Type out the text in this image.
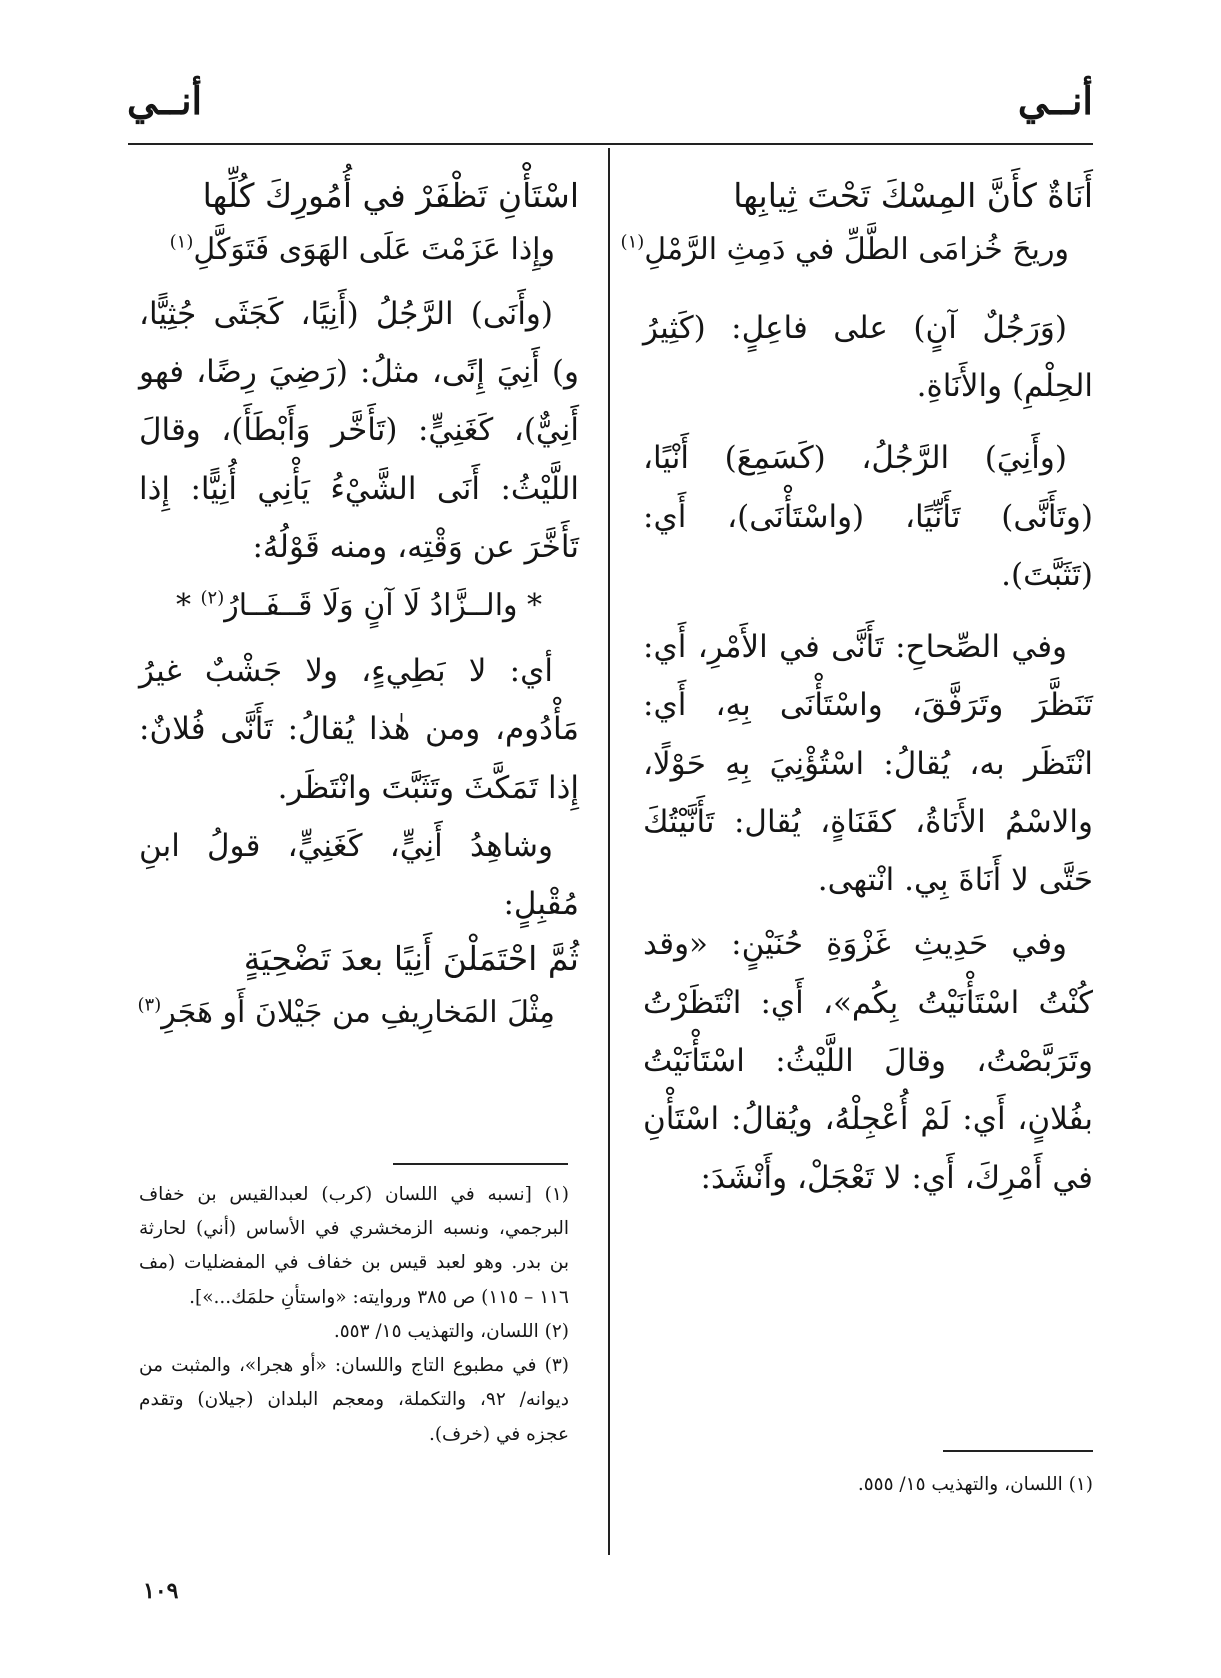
أنــي
أنــي
أَنَاةٌ كأَنَّ المِسْكَ تَحْتَ ثِيابِها
وريحَ خُزامَى الطَّلِّ في دَمِثِ الرَّمْلِ$^{(١)}$

(وَرَجُلٌ آنٍ) على فاعِلٍ: (كَثِيرُ الحِلْمِ) والأَنَاةِ.

(وأَنِيَ) الرَّجُلُ، (كَسَمِعَ) أَنْيًا، (وتَأَنَّى) تَأَنِّيًا، (واسْتَأْنَى)، أَي: (تَثَبَّتَ).

وفي الصِّحاحِ: تَأَنَّى في الأَمْرِ، أَي: تَنَظَّرَ وتَرَفَّقَ، واسْتَأْنَى بِهِ، أَي: انْتَظَر به، يُقالُ: اسْتُؤْنِيَ بِهِ حَوْلًا، والاسْمُ الأَنَاةُ، كقَنَاةٍ، يُقال: تَأَنَّيْتُكَ حَتَّى لا أَنَاةَ بِي. انْتهى.

وفي حَدِيثِ غَزْوَةِ حُنَيْنٍ: «وقد كُنْتُ اسْتَأْنَيْتُ بِكُم»، أَي: انْتَظَرْتُ وتَرَبَّصْتُ، وقالَ اللَّيْثُ: اسْتَأْنَيْتُ بفُلانٍ، أَي: لَمْ أُعْجِلْهُ، ويُقالُ: اسْتَأْنِ في أَمْرِكَ، أَي: لا تَعْجَلْ، وأَنْشَدَ:

اسْتَأْنِ تَظْفَرْ في أُمُورِكَ كُلِّها
وإِذا عَزَمْتَ عَلَى الهَوَى فَتَوَكَّلِ$^{(١)}$

(وأَنَى) الرَّجُلُ (أَنِيًا، كَجَثَى جُثِيًّا، و) أَنِيَ إِنًى، مثلُ: (رَضِيَ رِضًا، فهو أَنِيٌّ)، كَغَنِيٍّ: (تَأَخَّر وَأَبْطَأَ)، وقالَ اللَّيْثُ: أَنَى الشَّيْءُ يَأْنِي أُنِيًّا: إِذا تَأَخَّرَ عن وَقْتِه، ومنه قَوْلُهُ:

* والــزَّادُ لَا آنٍ وَلَا قَــفَــارُ$^{(٢)}$ *

أي: لا بَطِيءٍ، ولا جَشْبٌ غيرُ مَأْدُوم، ومن هٰذا يُقالُ: تَأَنَّى فُلانٌ: إِذا تَمَكَّثَ وتَثَبَّتَ وانْتَظَر.

وشاهِدُ أَنِيٍّ، كَغَنِيٍّ، قولُ ابنِ مُقْبِلٍ:

ثُمَّ احْتَمَلْنَ أَنِيًا بعدَ تَضْحِيَةٍ
مِثْلَ المَخارِيفِ من جَيْلانَ أَو هَجَرِ$^{(٣)}$

(١) اللسان، والتهذيب ١٥/ ٥٥٥.

(١) [نسبه في اللسان (كرب) لعبدالقيس بن خفاف البرجمي، ونسبه الزمخشري في الأساس (أني) لحارثة بن بدر. وهو لعبد قيس بن خفاف في المفضليات (مف ١١٦ – ١١٥) ص ٣٨٥ وروايته: «واستأنِ حلمَك...»].

(٢) اللسان، والتهذيب ١٥/ ٥٥٣.

(٣) في مطبوع التاج واللسان: «أو هجرا»، والمثبت من ديوانه/ ٩٢، والتكملة، ومعجم البلدان (جيلان) وتقدم عجزه في (خرف).

١٠٩
